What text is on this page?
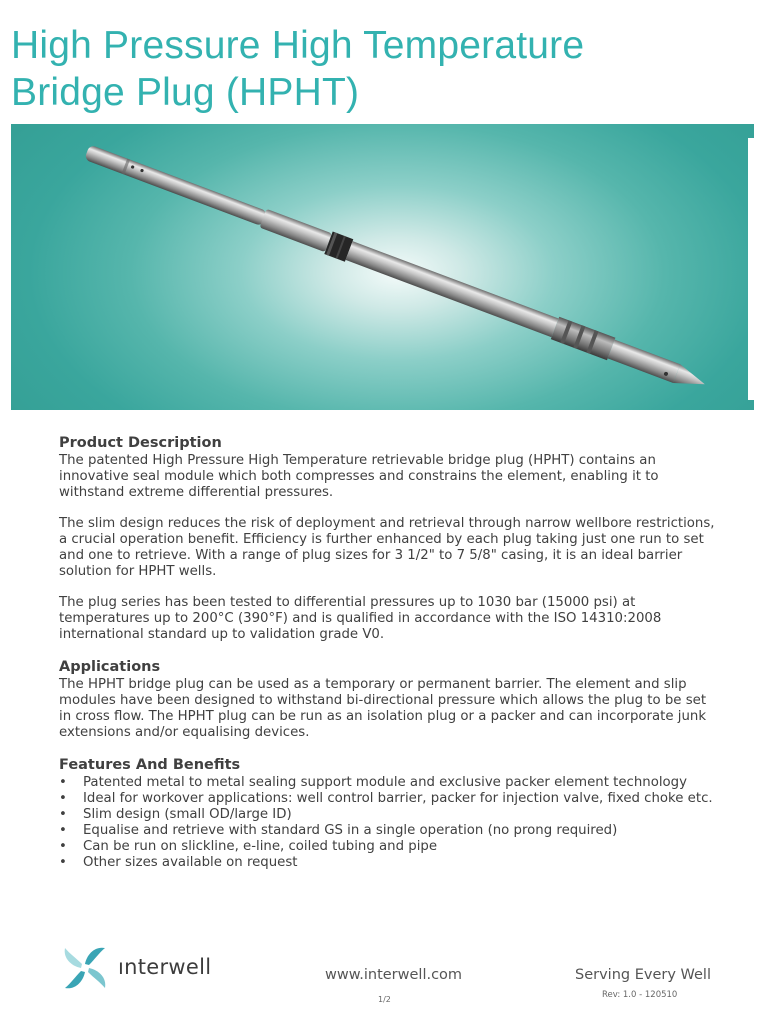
High Pressure High Temperature
Bridge Plug (HPHT)
Product Description

The patented High Pressure High Temperature retrievable bridge plug (HPHT) contains an innovative seal module which both compresses and constrains the element, enabling it to withstand extreme differential pressures.

The slim design reduces the risk of deployment and retrieval through narrow wellbore restrictions, a crucial operation benefit. Efficiency is further enhanced by each plug taking just one run to set and one to retrieve. With a range of plug sizes for 3 1/2" to 7 5/8" casing, it is an ideal barrier solution for HPHT wells.

The plug series has been tested to differential pressures up to 1030 bar (15000 psi) at temperatures up to 200°C (390°F) and is qualified in accordance with the ISO 14310:2008 international standard up to validation grade V0.

Applications

The HPHT bridge plug can be used as a temporary or permanent barrier. The element and slip modules have been designed to withstand bi-directional pressure which allows the plug to be set in cross flow. The HPHT plug can be run as an isolation plug or a packer and can incorporate junk extensions and/or equalising devices.

Features And Benefits
• Patented metal to metal sealing support module and exclusive packer element technology
• Ideal for workover applications: well control barrier, packer for injection valve, fixed choke etc.
• Slim design (small OD/large ID)
• Equalise and retrieve with standard GS in a single operation (no prong required)
• Can be run on slickline, e-line, coiled tubing and pipe
• Other sizes available on request
ınterwell	www.interwell.com
1/2
Serving Every Well
Rev: 1.0 - 120510
